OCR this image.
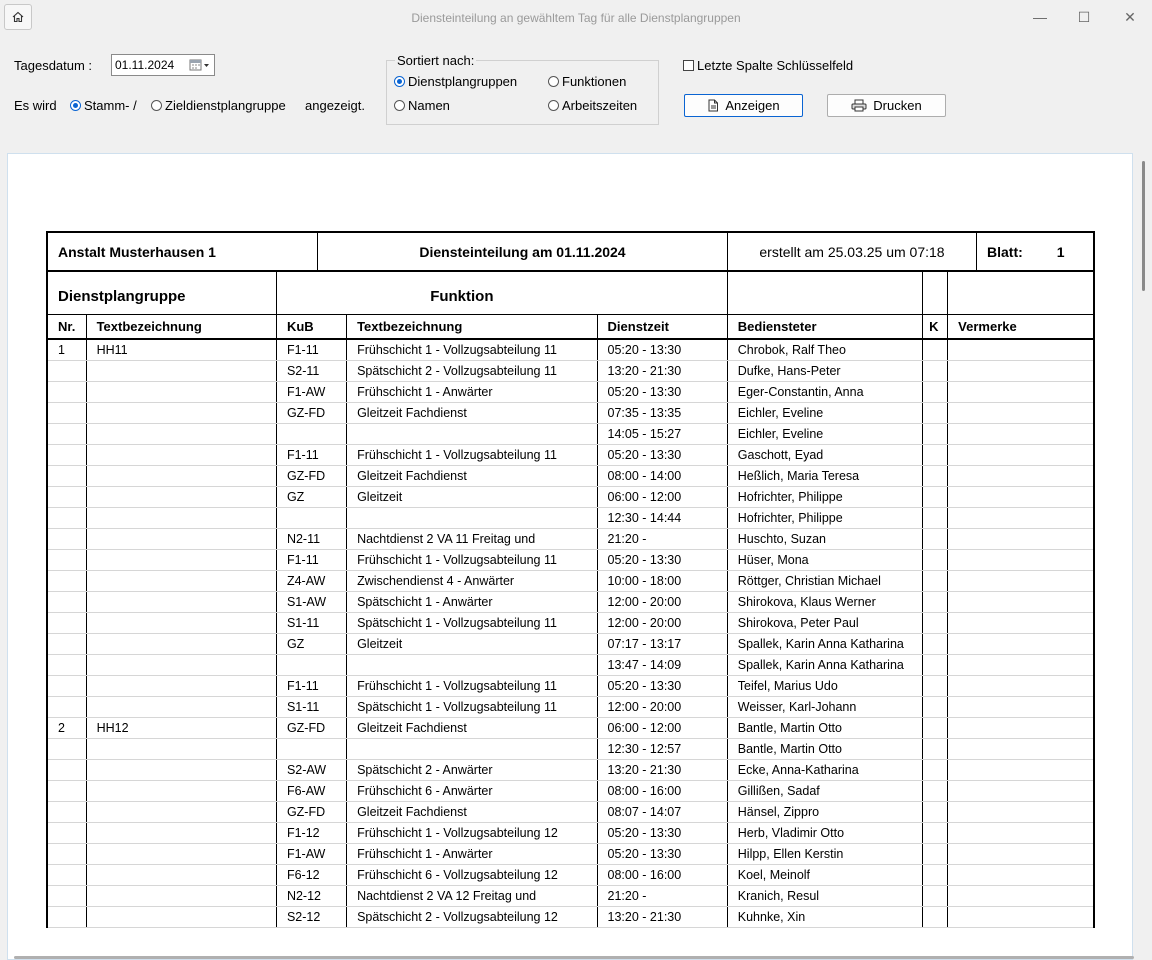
Diensteinteilung an gewähltem Tag für alle Dienstplangruppen	—	☐	✕
Tagesdatum :	01.11.2024
Es wird Stamm- / Zieldienstplangruppe angezeigt.
Sortiert nach:
Dienstplangruppen	Funktionen
Namen	Arbeitszeiten
Letzte Spalte Schlüsselfeld
Anzeigen	Drucken
Anstalt Musterhausen 1	Diensteinteilung am 01.11.2024	erstellt am 25.03.25 um 07:18	Blatt: 1
Dienstplangruppe		Funktion					
Nr.	Textbezeichnung	KuB	Textbezeichnung	Dienstzeit	Bediensteter	K	Vermerke
1	HH11	F1-11	Frühschicht 1 - Vollzugsabteilung 11	05:20 - 13:30	Chrobok, Ralf Theo		
		S2-11	Spätschicht 2 - Vollzugsabteilung 11	13:20 - 21:30	Dufke, Hans-Peter		
		F1-AW	Frühschicht 1 - Anwärter	05:20 - 13:30	Eger-Constantin, Anna		
		GZ-FD	Gleitzeit Fachdienst	07:35 - 13:35	Eichler, Eveline		
				14:05 - 15:27	Eichler, Eveline		
		F1-11	Frühschicht 1 - Vollzugsabteilung 11	05:20 - 13:30	Gaschott, Eyad		
		GZ-FD	Gleitzeit Fachdienst	08:00 - 14:00	Heßlich, Maria Teresa		
		GZ	Gleitzeit	06:00 - 12:00	Hofrichter, Philippe		
				12:30 - 14:44	Hofrichter, Philippe		
		N2-11	Nachtdienst 2 VA 11 Freitag und	21:20 -	Huschto, Suzan		
		F1-11	Frühschicht 1 - Vollzugsabteilung 11	05:20 - 13:30	Hüser, Mona		
		Z4-AW	Zwischendienst 4 - Anwärter	10:00 - 18:00	Röttger, Christian Michael		
		S1-AW	Spätschicht 1 - Anwärter	12:00 - 20:00	Shirokova, Klaus Werner		
		S1-11	Spätschicht 1 - Vollzugsabteilung 11	12:00 - 20:00	Shirokova, Peter Paul		
		GZ	Gleitzeit	07:17 - 13:17	Spallek, Karin Anna Katharina		
				13:47 - 14:09	Spallek, Karin Anna Katharina		
		F1-11	Frühschicht 1 - Vollzugsabteilung 11	05:20 - 13:30	Teifel, Marius Udo		
		S1-11	Spätschicht 1 - Vollzugsabteilung 11	12:00 - 20:00	Weisser, Karl-Johann		
2	HH12	GZ-FD	Gleitzeit Fachdienst	06:00 - 12:00	Bantle, Martin Otto		
				12:30 - 12:57	Bantle, Martin Otto		
		S2-AW	Spätschicht 2 - Anwärter	13:20 - 21:30	Ecke, Anna-Katharina		
		F6-AW	Frühschicht 6 - Anwärter	08:00 - 16:00	Gillißen, Sadaf		
		GZ-FD	Gleitzeit Fachdienst	08:07 - 14:07	Hänsel, Zippro		
		F1-12	Frühschicht 1 - Vollzugsabteilung 12	05:20 - 13:30	Herb, Vladimir Otto		
		F1-AW	Frühschicht 1 - Anwärter	05:20 - 13:30	Hilpp, Ellen Kerstin		
		F6-12	Frühschicht 6 - Vollzugsabteilung 12	08:00 - 16:00	Koel, Meinolf		
		N2-12	Nachtdienst 2 VA 12 Freitag und	21:20 -	Kranich, Resul		
		S2-12	Spätschicht 2 - Vollzugsabteilung 12	13:20 - 21:30	Kuhnke, Xin		
